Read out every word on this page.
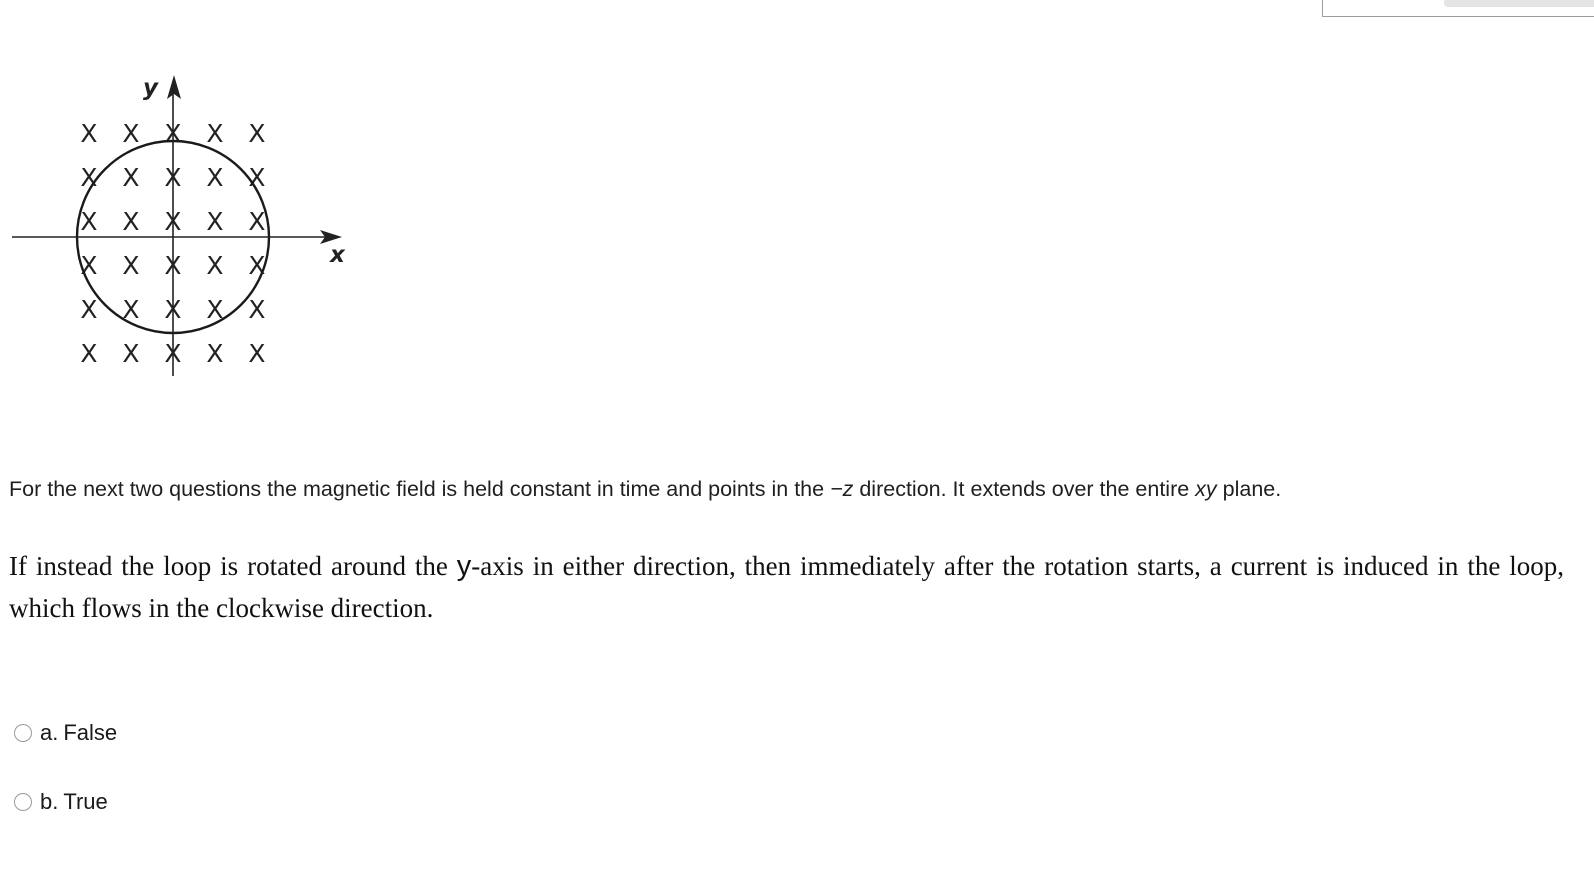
X X X X X
X X X X X
X X X X X
X X X X X
X X X X X
X X X X X
x
y

For the next two questions the magnetic field is held constant in time and points in the −z direction. It extends over the entire xy plane.

If instead the loop is rotated around the y-axis in either direction, then immediately after the rotation starts, a current is induced in the loop, which flows in the clockwise direction.

a. False
b. True
